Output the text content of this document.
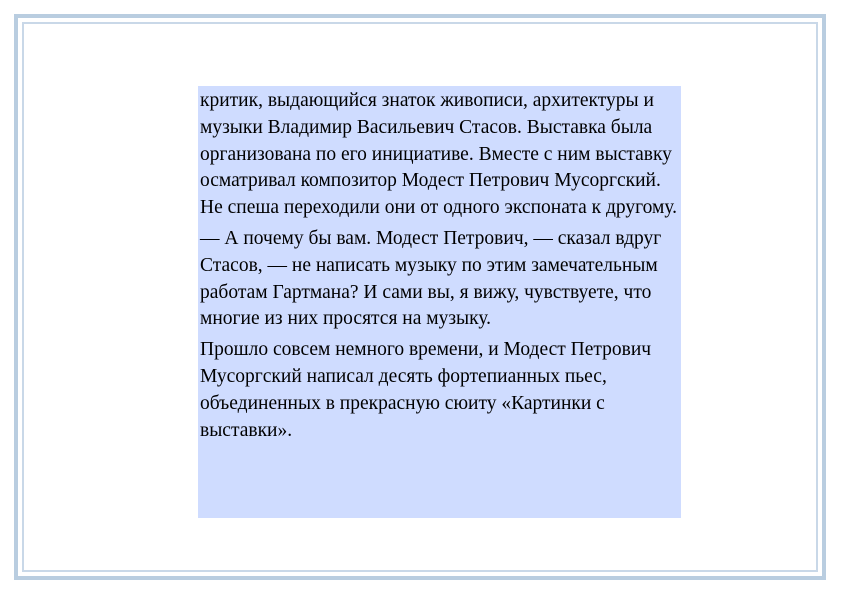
критик, выдающийся знаток живописи, архитектуры и музыки Владимир Васильевич Стасов. Выставка была организована по его инициативе. Вместе с ним выставку осматривал композитор Модест Петрович Мусоргский. Не спеша переходили они от одного экспоната к другому.

— А почему бы вам. Модест Петрович, — сказал вдруг Стасов, — не написать музыку по этим замечательным работам Гартмана? И сами вы, я вижу, чувствуете, что многие из них просятся на музыку.

Прошло совсем немного времени, и Модест Петрович Мусоргский написал десять фортепианных пьес, объединенных в прекрасную сюиту «Картинки с выставки».
